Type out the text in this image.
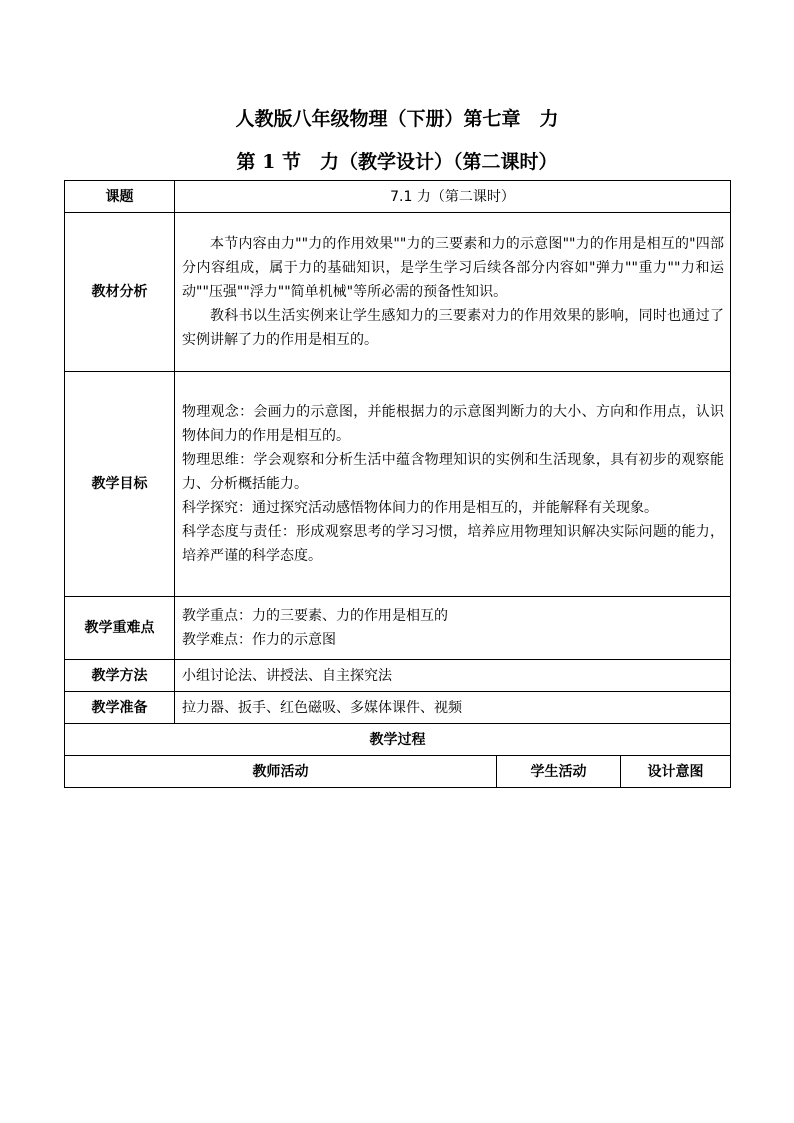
人教版八年级物理（下册）第七章　力
第 1 节　力（教学设计）（第二课时）
课题	7.1 力（第二课时）		
教材分析	本节内容由力""力的作用效果""力的三要素和力的示意图""力的作用是相互的"四部分内容组成，属于力的基础知识，是学生学习后续各部分内容如"弹力""重力""力和运动""压强""浮力""简单机械"等所必需的预备性知识。

教科书以生活实例来让学生感知力的三要素对力的作用效果的影响，同时也通过了实例讲解了力的作用是相互的。		

教学目标	物理观念：会画力的示意图，并能根据力的示意图判断力的大小、方向和作用点，认识物体间力的作用是相互的。

物理思维：学会观察和分析生活中蕴含物理知识的实例和生活现象，具有初步的观察能力、分析概括能力。

科学探究：通过探究活动感悟物体间力的作用是相互的，并能解释有关现象。

科学态度与责任：形成观察思考的学习习惯，培养应用物理知识解决实际问题的能力，培养严谨的科学态度。		

教学重难点	教学重点：力的三要素、力的作用是相互的

教学难点：作力的示意图		

教学方法	小组讨论法、讲授法、自主探究法		
教学准备	拉力器、扳手、红色磁吸、多媒体课件、视频		
教学过程			
教师活动		学生活动	设计意图
